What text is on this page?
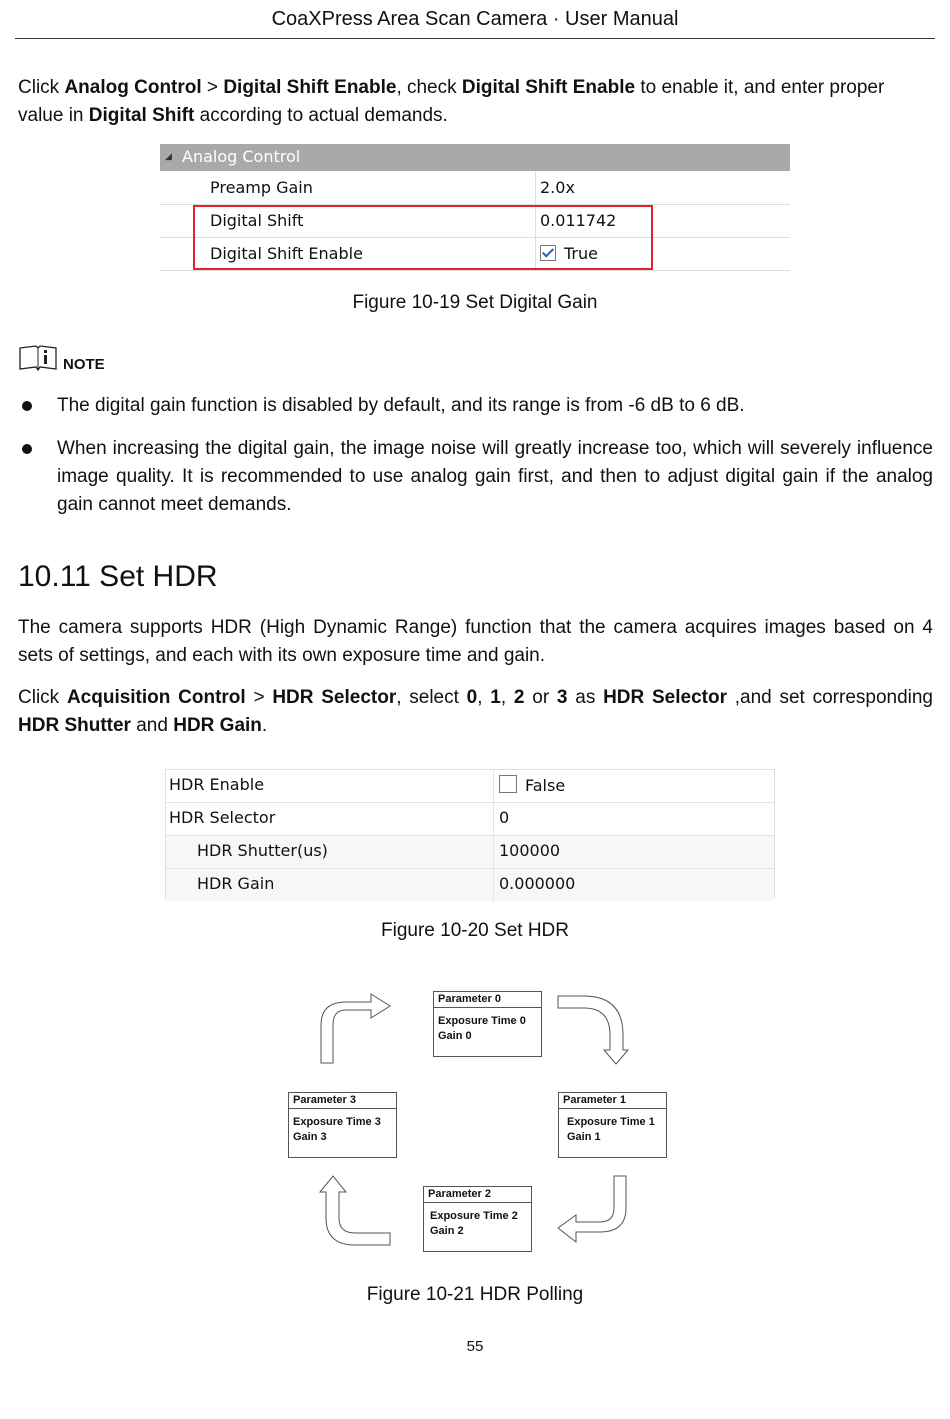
CoaXPress Area Scan Camera · User Manual
Click Analog Control > Digital Shift Enable, check Digital Shift Enable to enable it, and enter proper value in Digital Shift according to actual demands.
◢ Analog Control
Preamp Gain	2.0x
Digital Shift	0.011742
Digital Shift Enable	True
Figure 10-19 Set Digital Gain
NOTE
The digital gain function is disabled by default, and its range is from -6 dB to 6 dB.
When increasing the digital gain, the image noise will greatly increase too, which will severely influence image quality. It is recommended to use analog gain first, and then to adjust digital gain if the analog gain cannot meet demands.
10.11 Set HDR
The camera supports HDR (High Dynamic Range) function that the camera acquires images based on 4 sets of settings, and each with its own exposure time and gain.
Click Acquisition Control > HDR Selector, select 0, 1, 2 or 3 as HDR Selector ,and set corresponding HDR Shutter and HDR Gain.
HDR Enable	False
HDR Selector	0
HDR Shutter(us)	100000
HDR Gain	0.000000
Figure 10-20 Set HDR
Parameter 0
Exposure Time 0
Gain 0
Parameter 1
Exposure Time 1
Gain 1
Parameter 2
Exposure Time 2
Gain 2
Parameter 3
Exposure Time 3
Gain 3
Figure 10-21 HDR Polling
55
